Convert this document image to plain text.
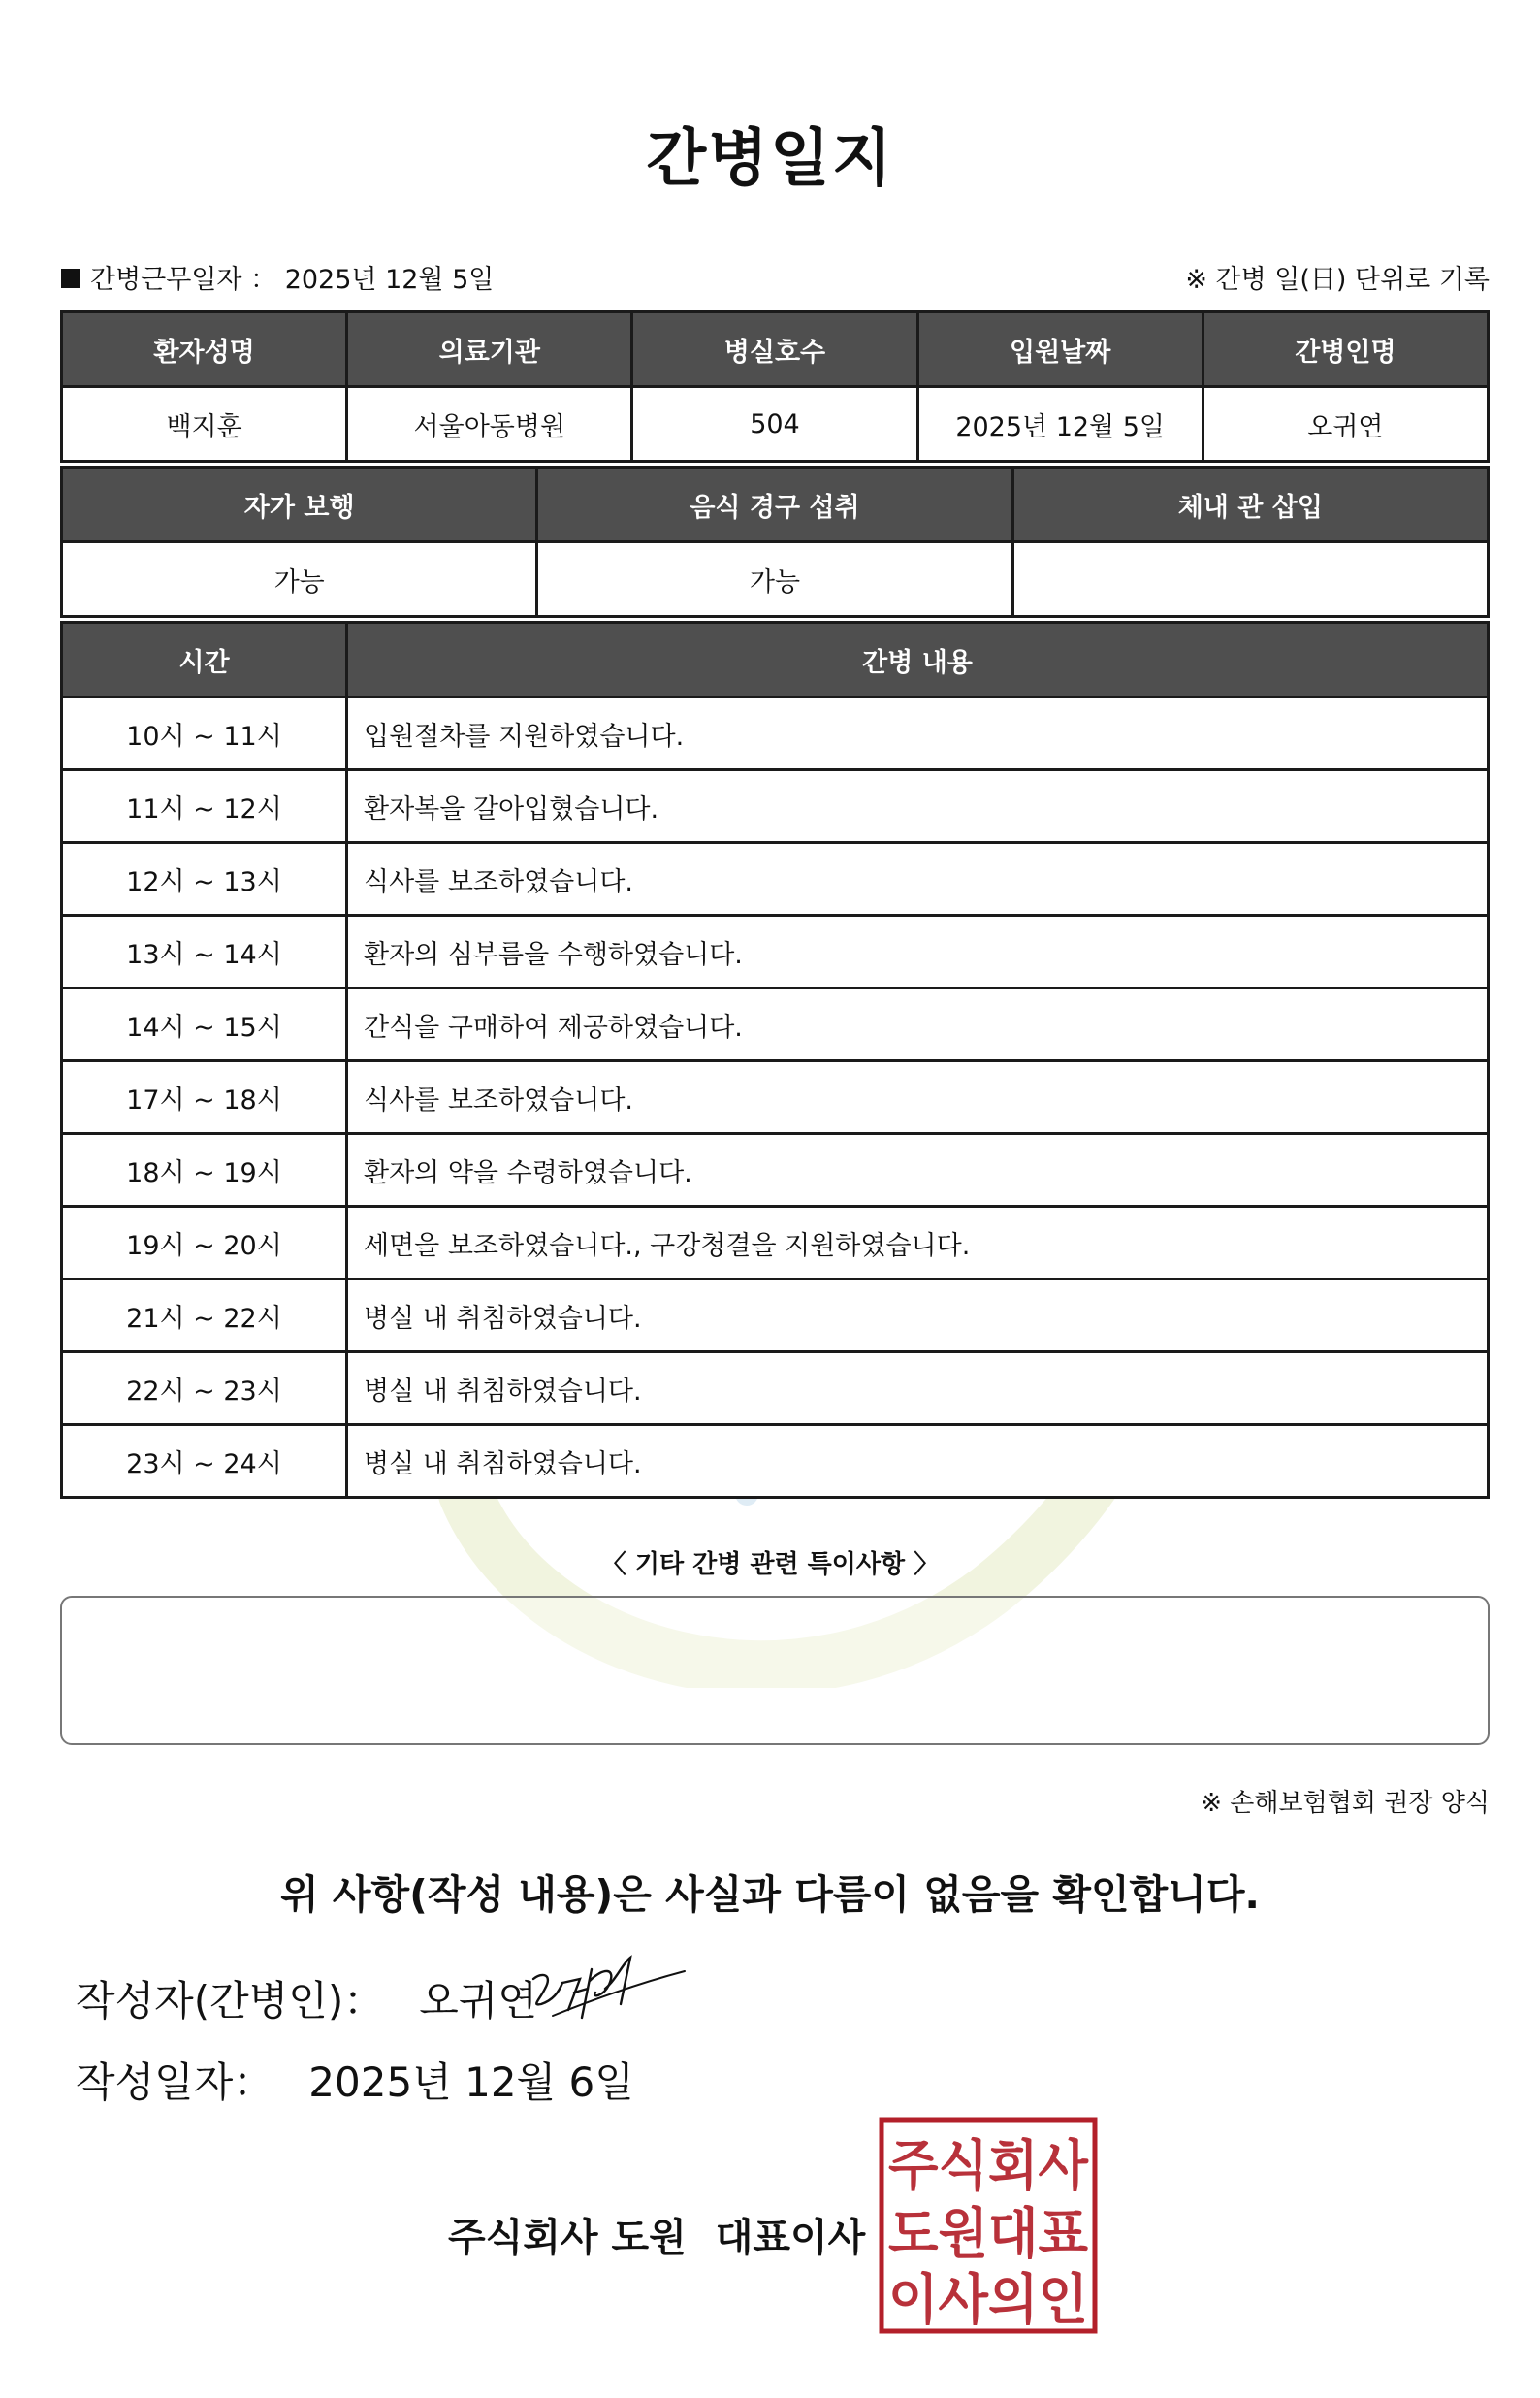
간병일지
간병근무일자 ： 2025년 12월 5일	※ 간병 일(日) 단위로 기록
환자성명	의료기관	병실호수	입원날짜	간병인명
백지훈	서울아동병원	504	2025년 12월 5일	오귀연
자가 보행	음식 경구 섭취	체내 관 삽입
가능	가능	
시간	간병 내용
10시 ~ 11시	입원절차를 지원하였습니다.
11시 ~ 12시	환자복을 갈아입혔습니다.
12시 ~ 13시	식사를 보조하였습니다.
13시 ~ 14시	환자의 심부름을 수행하였습니다.
14시 ~ 15시	간식을 구매하여 제공하였습니다.
17시 ~ 18시	식사를 보조하였습니다.
18시 ~ 19시	환자의 약을 수령하였습니다.
19시 ~ 20시	세면을 보조하였습니다., 구강청결을 지원하였습니다.
21시 ~ 22시	병실 내 취침하였습니다.
22시 ~ 23시	병실 내 취침하였습니다.
23시 ~ 24시	병실 내 취침하였습니다.
〈 기타 간병 관련 특이사항 〉
※ 손해보험협회 권장 양식
위 사항(작성 내용)은 사실과 다름이 없음을 확인합니다.
작성자(간병인)： 오귀연
작성일자： 2025년 12월 6일
주식회사 도원 대표이사
주식회사
도원대표
이사의인
